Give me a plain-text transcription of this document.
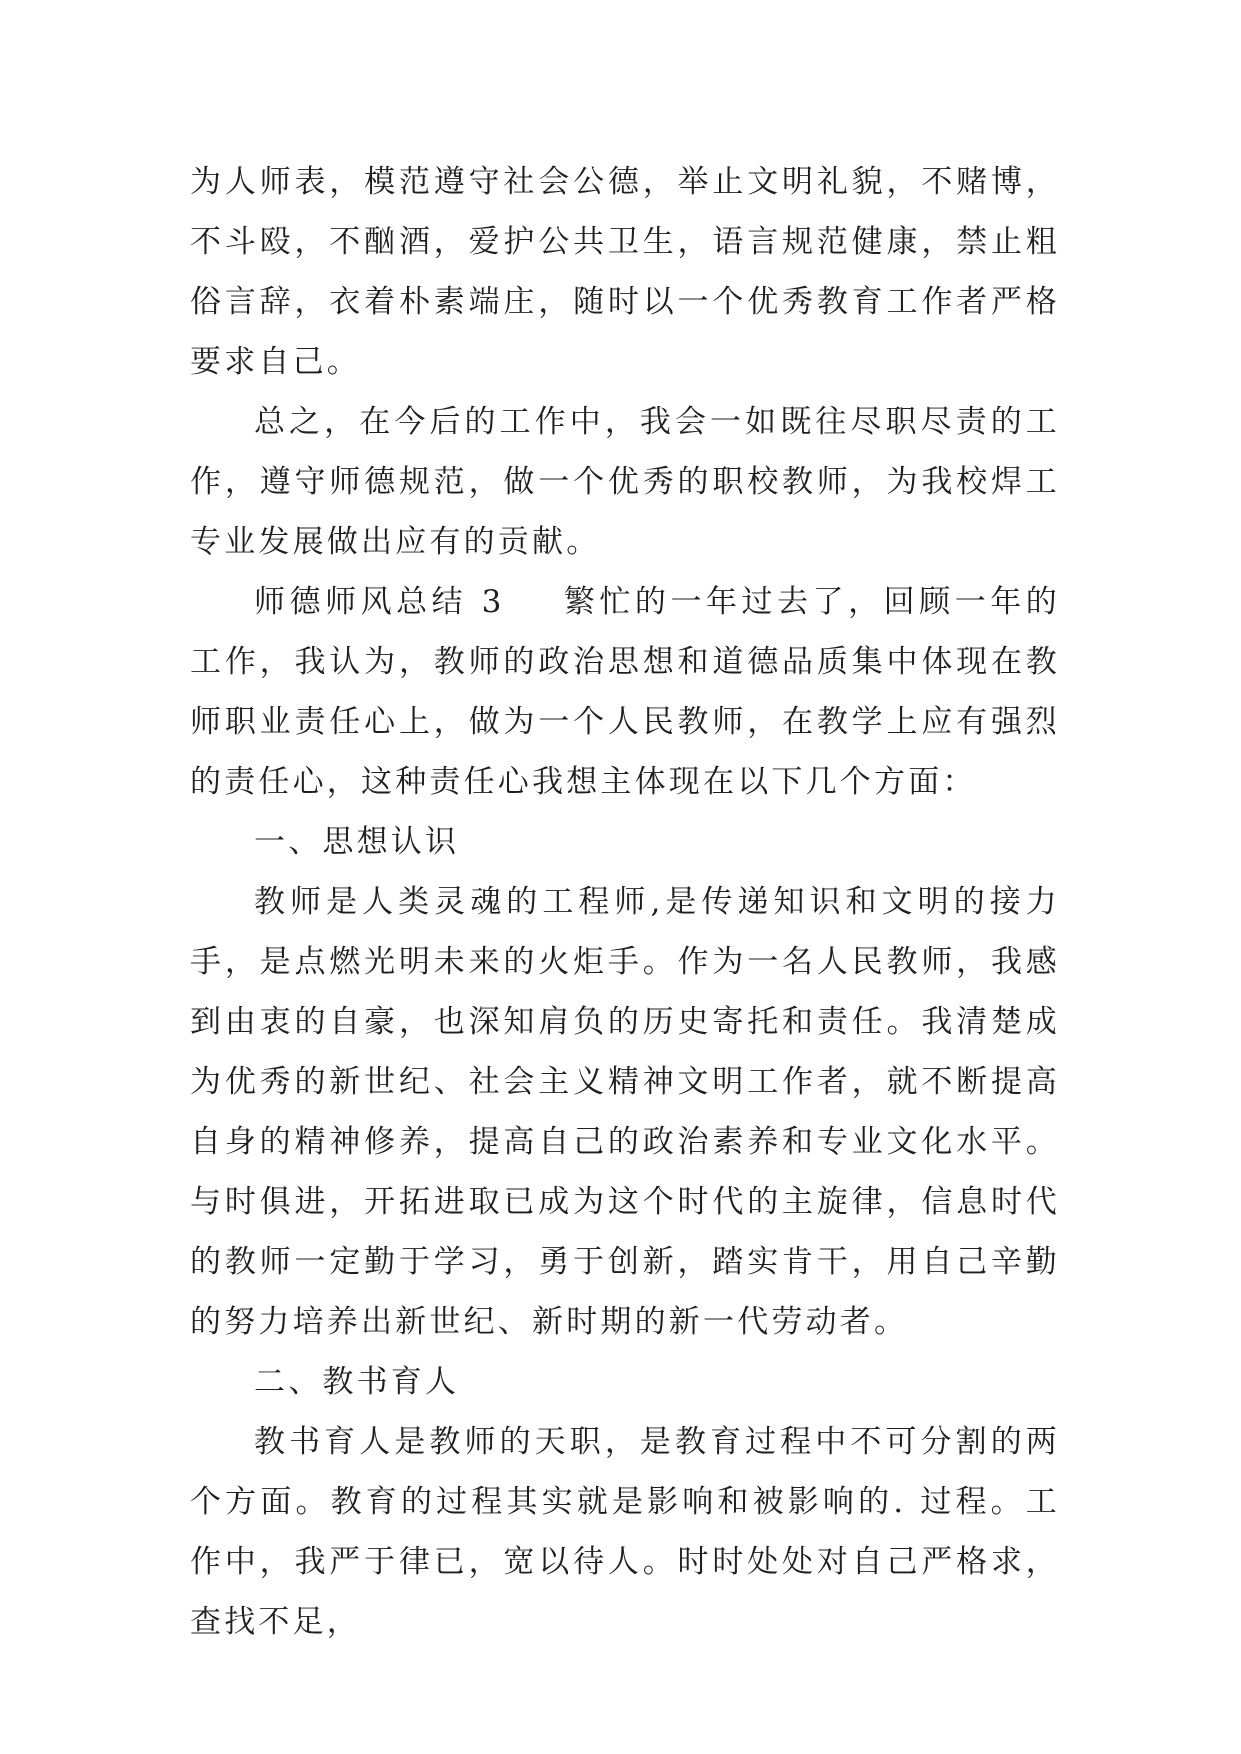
为人师表，模范遵守社会公德，举止文明礼貌，不赌博，不斗殴，不酗酒，爱护公共卫生，语言规范健康，禁止粗俗言辞，衣着朴素端庄，随时以一个优秀教育工作者严格要求自己。

总之，在今后的工作中，我会一如既往尽职尽责的工作，遵守师德规范，做一个优秀的职校教师，为我校焊工专业发展做出应有的贡献。

师德师风总结 3 繁忙的一年过去了，回顾一年的工作，我认为，教师的政治思想和道德品质集中体现在教师职业责任心上，做为一个人民教师，在教学上应有强烈的责任心，这种责任心我想主体现在以下几个方面：

一、思想认识

教师是人类灵魂的工程师,是传递知识和文明的接力手，是点燃光明未来的火炬手。作为一名人民教师，我感到由衷的自豪，也深知肩负的历史寄托和责任。我清楚成为优秀的新世纪、社会主义精神文明工作者，就不断提高自身的精神修养，提高自己的政治素养和专业文化水平。与时俱进，开拓进取已成为这个时代的主旋律，信息时代的教师一定勤于学习，勇于创新，踏实肯干，用自己辛勤的努力培养出新世纪、新时期的新一代劳动者。

二、教书育人

教书育人是教师的天职，是教育过程中不可分割的两个方面。教育的过程其实就是影响和被影响的. 过程。工作中，我严于律已，宽以待人。时时处处对自己严格求，查找不足，
